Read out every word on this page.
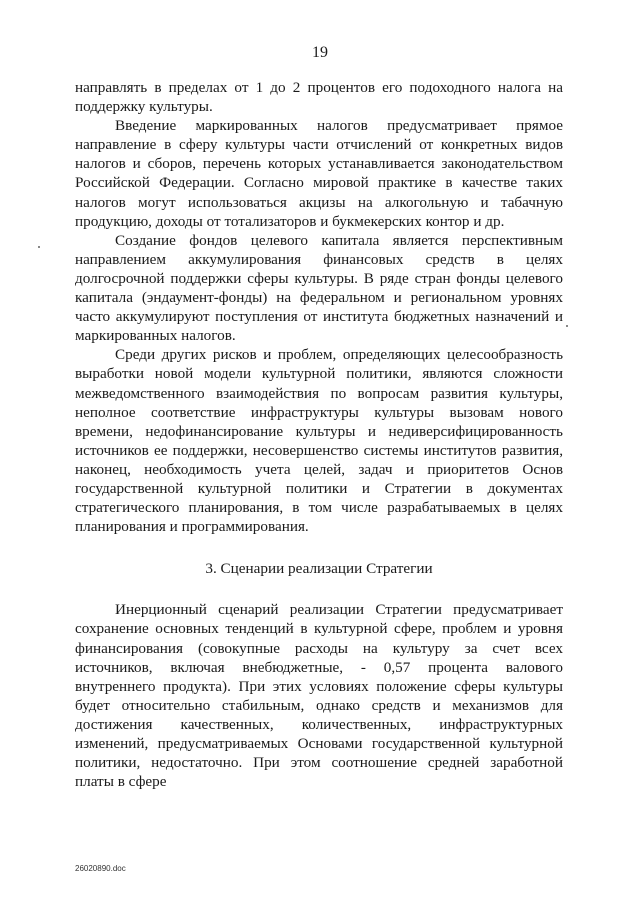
19

направлять в пределах от 1 до 2 процентов его подоходного налога на поддержку культуры.

Введение маркированных налогов предусматривает прямое направление в сферу культуры части отчислений от конкретных видов налогов и сборов, перечень которых устанавливается законодательством Российской Федерации. Согласно мировой практике в качестве таких налогов могут использоваться акцизы на алкогольную и табачную продукцию, доходы от тотализаторов и букмекерских контор и др.

Создание фондов целевого капитала является перспективным направлением аккумулирования финансовых средств в целях долгосрочной поддержки сферы культуры. В ряде стран фонды целевого капитала (эндаумент-фонды) на федеральном и региональном уровнях часто аккумулируют поступления от института бюджетных назначений и маркированных налогов.

Среди других рисков и проблем, определяющих целесообразность выработки новой модели культурной политики, являются сложности межведомственного взаимодействия по вопросам развития культуры, неполное соответствие инфраструктуры культуры вызовам нового времени, недофинансирование культуры и недиверсифицированность источников ее поддержки, несовершенство системы институтов развития, наконец, необходимость учета целей, задач и приоритетов Основ государственной культурной политики и Стратегии в документах стратегического планирования, в том числе разрабатываемых в целях планирования и программирования.

3. Сценарии реализации Стратегии

Инерционный сценарий реализации Стратегии предусматривает сохранение основных тенденций в культурной сфере, проблем и уровня финансирования (совокупные расходы на культуру за счет всех источников, включая внебюджетные, - 0,57 процента валового внутреннего продукта). При этих условиях положение сферы культуры будет относительно стабильным, однако средств и механизмов для достижения качественных, количественных, инфраструктурных изменений, предусматриваемых Основами государственной культурной политики, недостаточно. При этом соотношение средней заработной платы в сфере

26020890.doc
